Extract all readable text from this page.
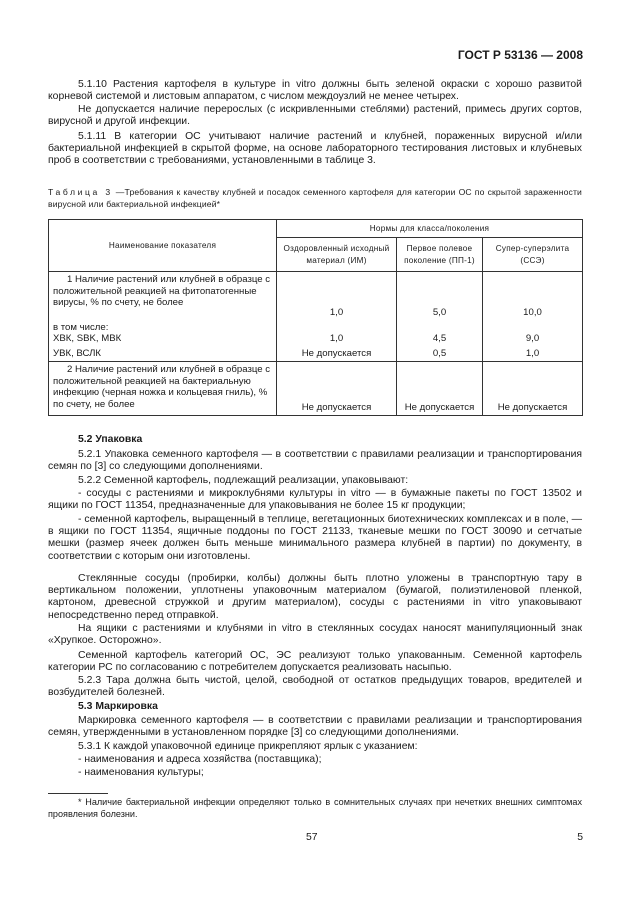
ГОСТ Р 53136 — 2008

5.1.10 Растения картофеля в культуре in vitro должны быть зеленой окраски с хорошо развитой корневой системой и листовым аппаратом, с числом междоузлий не менее четырех.

Не допускается наличие перерослых (с искривленными стеблями) растений, примесь других сортов, вирусной и другой инфекции.

5.1.11 В категории ОС учитывают наличие растений и клубней, пораженных вирусной и/или бактериальной инфекцией в скрытой форме, на основе лабораторного тестирования листовых и клубневых проб в соответствии с требованиями, установленными в таблице 3.

Таблица 3 —Требования к качеству клубней и посадок семенного картофеля для категории ОС по скрытой зараженности вирусной или бактериальной инфекцией*
Наименование показателя	Нормы для класса/поколения		
	Оздоровленный исходный материал (ИМ)	Первое полевое поколение (ПП-1)	Супер-суперэлита (ССЭ)

1 Наличие растений или клубней в образце с положительной реакцией на фитопатогенные вирусы, % по счету, не более	1,0	5,0	10,0

в том числе:
ХВК, SBK, МВК	1,0	4,5	9,0
УВК, ВСЛК	Не допускается	0,5	1,0

2 Наличие растений или клубней в образце с положительной реакцией на бактериальную инфекцию (черная ножка и кольцевая гниль), % по счету, не более	Не допускается	Не допускается	Не допускается

5.2 Упаковка

5.2.1 Упаковка семенного картофеля — в соответствии с правилами реализации и транспортирования семян по [3] со следующими дополнениями.

5.2.2 Семенной картофель, подлежащий реализации, упаковывают:

- сосуды с растениями и микроклубнями культуры in vitro — в бумажные пакеты по ГОСТ 13502 и ящики по ГОСТ 11354, предназначенные для упаковывания не более 15 кг продукции;

- семенной картофель, выращенный в теплице, вегетационных биотехнических комплексах и в поле, — в ящики по ГОСТ 11354, ящичные поддоны по ГОСТ 21133, тканевые мешки по ГОСТ 30090 и сетчатые мешки (размер ячеек должен быть меньше минимального размера клубней в партии) по документу, в соответствии с которым они изготовлены.

Стеклянные сосуды (пробирки, колбы) должны быть плотно уложены в транспортную тару в вертикальном положении, уплотнены упаковочным материалом (бумагой, полиэтиленовой пленкой, картоном, древесной стружкой и другим материалом), сосуды с растениями in vitro упаковывают непосредственно перед отправкой.

На ящики с растениями и клубнями in vitro в стеклянных сосудах наносят манипуляционный знак «Хрупкое. Осторожно».

Семенной картофель категорий ОС, ЭС реализуют только упакованным. Семенной картофель категории РС по согласованию с потребителем допускается реализовать насыпью.

5.2.3 Тара должна быть чистой, целой, свободной от остатков предыдущих товаров, вредителей и возбудителей болезней.

5.3 Маркировка

Маркировка семенного картофеля — в соответствии с правилами реализации и транспортирования семян, утвержденными в установленном порядке [3] со следующими дополнениями.

5.3.1 К каждой упаковочной единице прикрепляют ярлык с указанием:

- наименования и адреса хозяйства (поставщика);

- наименования культуры;

* Наличие бактериальной инфекции определяют только в сомнительных случаях при нечетких внешних симптомах проявления болезни.

57	5
